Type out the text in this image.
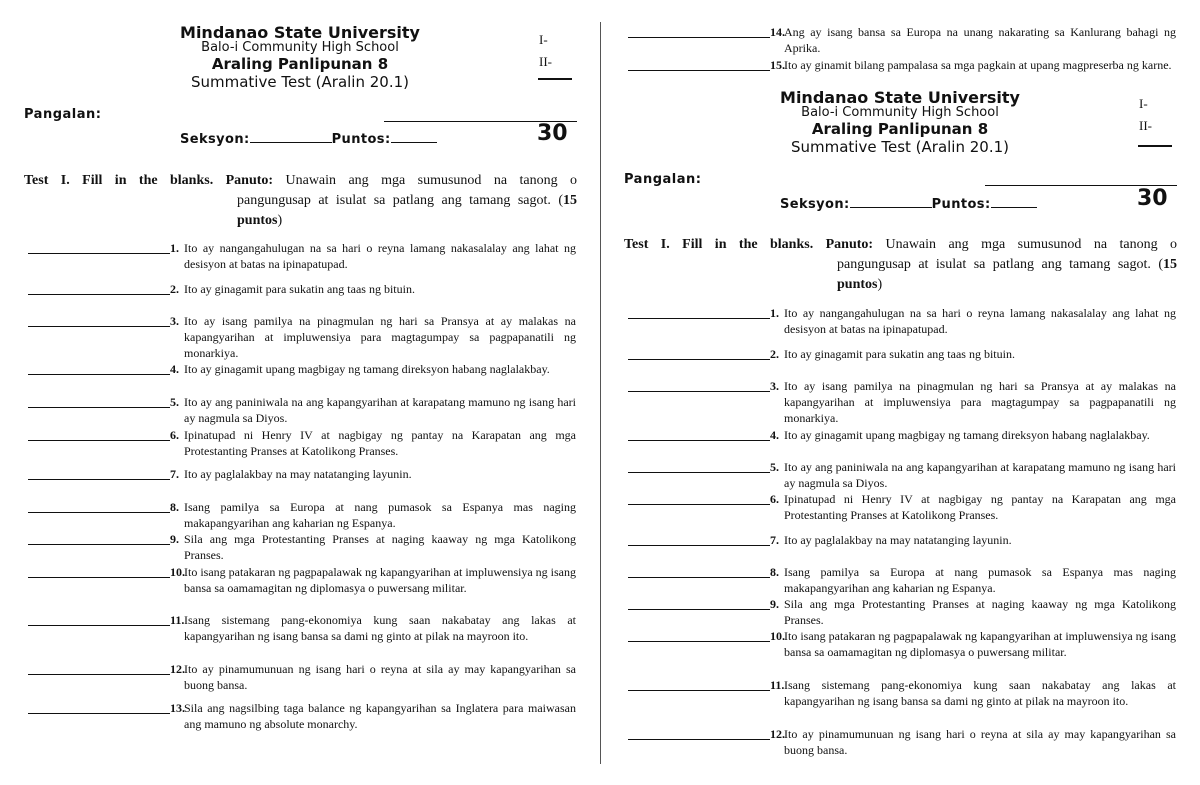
Mindanao State University
Balo-i Community High School
Araling Panlipunan 8
Summative Test (Aralin 20.1)
I-
II-
Pangalan:
Seksyon:	Puntos:	30
Test I. Fill in the blanks. Panuto: Unawain ang mga sumusunod na tanong o
pangungusap at isulat sa patlang ang tamang sagot. (15 puntos)
1. Ito ay nangangahulugan na sa hari o reyna lamang nakasalalay ang lahat ng desisyon at batas na ipinapatupad.
2. Ito ay ginagamit para sukatin ang taas ng bituin.
3. Ito ay isang pamilya na pinagmulan ng hari sa Pransya at ay malakas na kapangyarihan at impluwensiya para magtagumpay sa pagpapanatili ng monarkiya.
4. Ito ay ginagamit upang magbigay ng tamang direksyon habang naglalakbay.
5. Ito ay ang paniniwala na ang kapangyarihan at karapatang mamuno ng isang hari ay nagmula sa Diyos.
6. Ipinatupad ni Henry IV at nagbigay ng pantay na Karapatan ang mga Protestanting Pranses at Katolikong Pranses.
7. Ito ay paglalakbay na may natatanging layunin.
8. Isang pamilya sa Europa at nang pumasok sa Espanya mas naging makapangyarihan ang kaharian ng Espanya.
9. Sila ang mga Protestanting Pranses at naging kaaway ng mga Katolikong Pranses.
10. Ito isang patakaran ng pagpapalawak ng kapangyarihan at impluwensiya ng isang bansa sa oamamagitan ng diplomasya o puwersang militar.
11. Isang sistemang pang-ekonomiya kung saan nakabatay ang lakas at kapangyarihan ng isang bansa sa dami ng ginto at pilak na mayroon ito.
12. Ito ay pinamumunuan ng isang hari o reyna at sila ay may kapangyarihan sa buong bansa.
13. Sila ang nagsilbing taga balance ng kapangyarihan sa Inglatera para maiwasan ang mamuno ng absolute monarchy.
14. Ang ay isang bansa sa Europa na unang nakarating sa Kanlurang bahagi ng Aprika.
15. Ito ay ginamit bilang pampalasa sa mga pagkain at upang magpreserba ng karne.
Mindanao State University
Balo-i Community High School
Araling Panlipunan 8
Summative Test (Aralin 20.1)
I-
II-
Pangalan:
Seksyon:	Puntos:	30
Test I. Fill in the blanks. Panuto: Unawain ang mga sumusunod na tanong o
pangungusap at isulat sa patlang ang tamang sagot. (15 puntos)
1. Ito ay nangangahulugan na sa hari o reyna lamang nakasalalay ang lahat ng desisyon at batas na ipinapatupad.
2. Ito ay ginagamit para sukatin ang taas ng bituin.
3. Ito ay isang pamilya na pinagmulan ng hari sa Pransya at ay malakas na kapangyarihan at impluwensiya para magtagumpay sa pagpapanatili ng monarkiya.
4. Ito ay ginagamit upang magbigay ng tamang direksyon habang naglalakbay.
5. Ito ay ang paniniwala na ang kapangyarihan at karapatang mamuno ng isang hari ay nagmula sa Diyos.
6. Ipinatupad ni Henry IV at nagbigay ng pantay na Karapatan ang mga Protestanting Pranses at Katolikong Pranses.
7. Ito ay paglalakbay na may natatanging layunin.
8. Isang pamilya sa Europa at nang pumasok sa Espanya mas naging makapangyarihan ang kaharian ng Espanya.
9. Sila ang mga Protestanting Pranses at naging kaaway ng mga Katolikong Pranses.
10. Ito isang patakaran ng pagpapalawak ng kapangyarihan at impluwensiya ng isang bansa sa oamamagitan ng diplomasya o puwersang militar.
11. Isang sistemang pang-ekonomiya kung saan nakabatay ang lakas at kapangyarihan ng isang bansa sa dami ng ginto at pilak na mayroon ito.
12. Ito ay pinamumunuan ng isang hari o reyna at sila ay may kapangyarihan sa buong bansa.
